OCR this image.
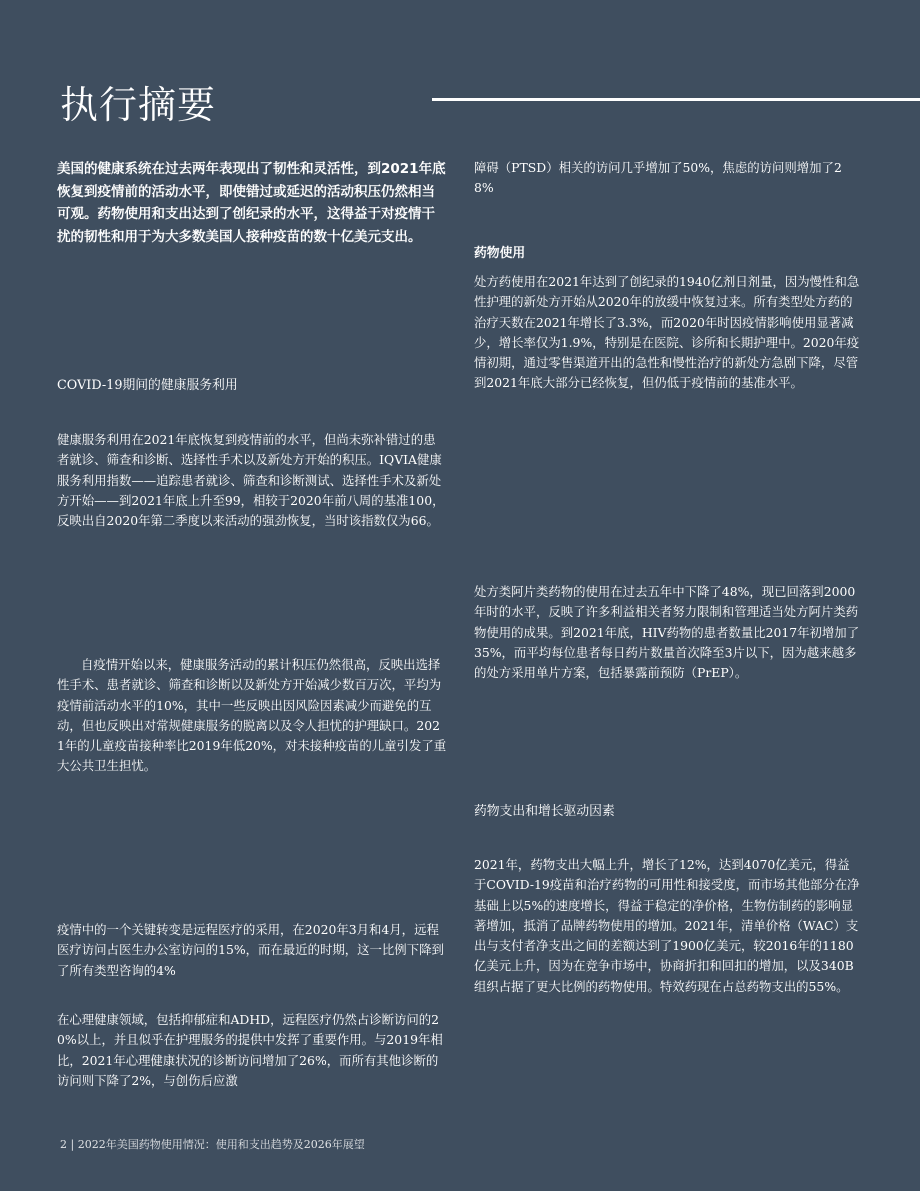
执行摘要

美国的健康系统在过去两年表现出了韧性和灵活性，到2021年底恢复到疫情前的活动水平，即使错过或延迟的活动积压仍然相当可观。药物使用和支出达到了创纪录的水平，这得益于对疫情干扰的韧性和用于为大多数美国人接种疫苗的数十亿美元支出。

COVID-19期间的健康服务利用

健康服务利用在2021年底恢复到疫情前的水平，但尚未弥补错过的患者就诊、筛查和诊断、选择性手术以及新处方开始的积压。IQVIA健康服务利用指数——追踪患者就诊、筛查和诊断测试、选择性手术及新处方开始——到2021年底上升至99，相较于2020年前八周的基准100，反映出自2020年第二季度以来活动的强劲恢复，当时该指数仅为66。

自疫情开始以来，健康服务活动的累计积压仍然很高，反映出选择性手术、患者就诊、筛查和诊断以及新处方开始减少数百万次，平均为疫情前活动水平的10%，其中一些反映出因风险因素减少而避免的互动，但也反映出对常规健康服务的脱离以及令人担忧的护理缺口。2021年的儿童疫苗接种率比2019年低20%，对未接种疫苗的儿童引发了重大公共卫生担忧。

疫情中的一个关键转变是远程医疗的采用，在2020年3月和4月，远程医疗访问占医生办公室访问的15%，而在最近的时期，这一比例下降到了所有类型咨询的4%

在心理健康领域，包括抑郁症和ADHD，远程医疗仍然占诊断访问的20%以上，并且似乎在护理服务的提供中发挥了重要作用。与2019年相比，2021年心理健康状况的诊断访问增加了26%，而所有其他诊断的访问则下降了2%，与创伤后应激

障碍（PTSD）相关的访问几乎增加了50%，焦虑的访问则增加了28%

药物使用

处方药使用在2021年达到了创纪录的1940亿剂日剂量，因为慢性和急性护理的新处方开始从2020年的放缓中恢复过来。所有类型处方药的治疗天数在2021年增长了3.3%，而2020年时因疫情影响使用显著减少，增长率仅为1.9%，特别是在医院、诊所和长期护理中。2020年疫情初期，通过零售渠道开出的急性和慢性治疗的新处方急剧下降，尽管到2021年底大部分已经恢复，但仍低于疫情前的基准水平。

处方类阿片类药物的使用在过去五年中下降了48%，现已回落到2000年时的水平，反映了许多利益相关者努力限制和管理适当处方阿片类药物使用的成果。到2021年底，HIV药物的患者数量比2017年初增加了35%，而平均每位患者每日药片数量首次降至3片以下，因为越来越多的处方采用单片方案，包括暴露前预防（PrEP）。

药物支出和增长驱动因素

2021年，药物支出大幅上升，增长了12%，达到4070亿美元，得益于COVID-19疫苗和治疗药物的可用性和接受度，而市场其他部分在净基础上以5%的速度增长，得益于稳定的净价格，生物仿制药的影响显著增加，抵消了品牌药物使用的增加。2021年，清单价格（WAC）支出与支付者净支出之间的差额达到了1900亿美元，较2016年的1180亿美元上升，因为在竞争市场中，协商折扣和回扣的增加，以及340B组织占据了更大比例的药物使用。特效药现在占总药物支出的55%。

2 | 2022年美国药物使用情况：使用和支出趋势及2026年展望
